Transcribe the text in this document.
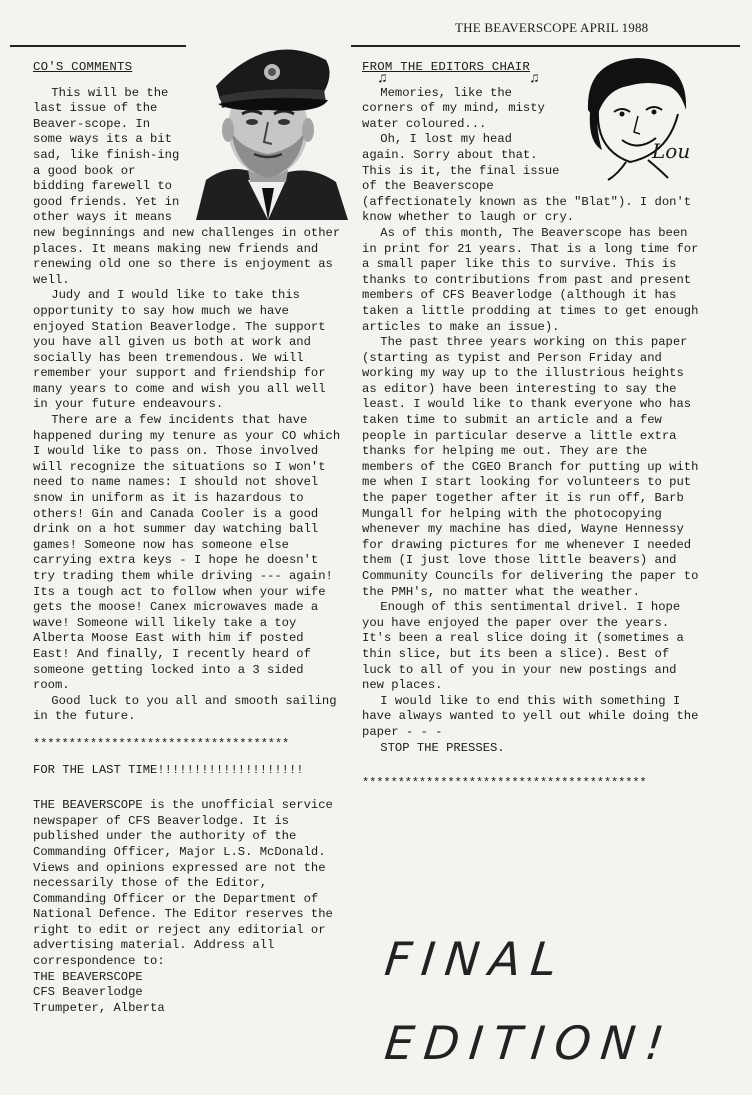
THE BEAVERSCOPE APRIL 1988
CO'S COMMENTS

This will be the last issue of the Beaver-scope. In some ways its a bit sad, like finish-ing a good book or bidding farewell to good friends. Yet in other ways it means new beginnings and new challenges in other places. It means making new friends and renewing old one so there is enjoyment as well.

Judy and I would like to take this opportunity to say how much we have enjoyed Station Beaverlodge. The support you have all given us both at work and socially has been tremendous. We will remember your support and friendship for many years to come and wish you all well in your future endeavours.

There are a few incidents that have happened during my tenure as your CO which I would like to pass on. Those involved will recognize the situations so I won't need to name names: I should not shovel snow in uniform as it is hazardous to others! Gin and Canada Cooler is a good drink on a hot summer day watching ball games! Someone now has someone else carrying extra keys - I hope he doesn't try trading them while driving --- again! Its a tough act to follow when your wife gets the moose! Canex microwaves made a wave! Someone will likely take a toy Alberta Moose East with him if posted East! And finally, I recently heard of someone getting locked into a 3 sided room.

Good luck to you all and smooth sailing in the future.

************************************
FOR THE LAST TIME!!!!!!!!!!!!!!!!!!!!

THE BEAVERSCOPE is the unofficial service newspaper of CFS Beaverlodge. It is published under the authority of the Commanding Officer, Major L.S. McDonald. Views and opinions expressed are not the necessarily those of the Editor, Commanding Officer or the Department of National Defence. The Editor reserves the right to edit or reject any editorial or advertising material. Address all correspondence to:

THE BEAVERSCOPE

CFS Beaverlodge

Trumpeter, Alberta

FROM THE EDITORS CHAIR
Lou

♫	♫
Memories, like the corners of my mind, misty water coloured...

Oh, I lost my head again. Sorry about that. This is it, the final issue of the Beaverscope (affectionately known as the "Blat"). I don't know whether to laugh or cry.

As of this month, The Beaverscope has been in print for 21 years. That is a long time for a small paper like this to survive. This is thanks to contributions from past and present members of CFS Beaverlodge (although it has taken a little prodding at times to get enough articles to make an issue).

The past three years working on this paper (starting as typist and Person Friday and working my way up to the illustrious heights as editor) have been interesting to say the least. I would like to thank everyone who has taken time to submit an article and a few people in particular deserve a little extra thanks for helping me out. They are the members of the CGEO Branch for putting up with me when I start looking for volunteers to put the paper together after it is run off, Barb Mungall for helping with the photocopying whenever my machine has died, Wayne Hennessy for drawing pictures for me whenever I needed them (I just love those little beavers) and Community Councils for delivering the paper to the PMH's, no matter what the weather.

Enough of this sentimental drivel. I hope you have enjoyed the paper over the years. It's been a real slice doing it (sometimes a thin slice, but its been a slice). Best of luck to all of you in your new postings and new places.

I would like to end this with something I have always wanted to yell out while doing the paper - - -

STOP THE PRESSES.

****************************************
FINAL
EDITION!
